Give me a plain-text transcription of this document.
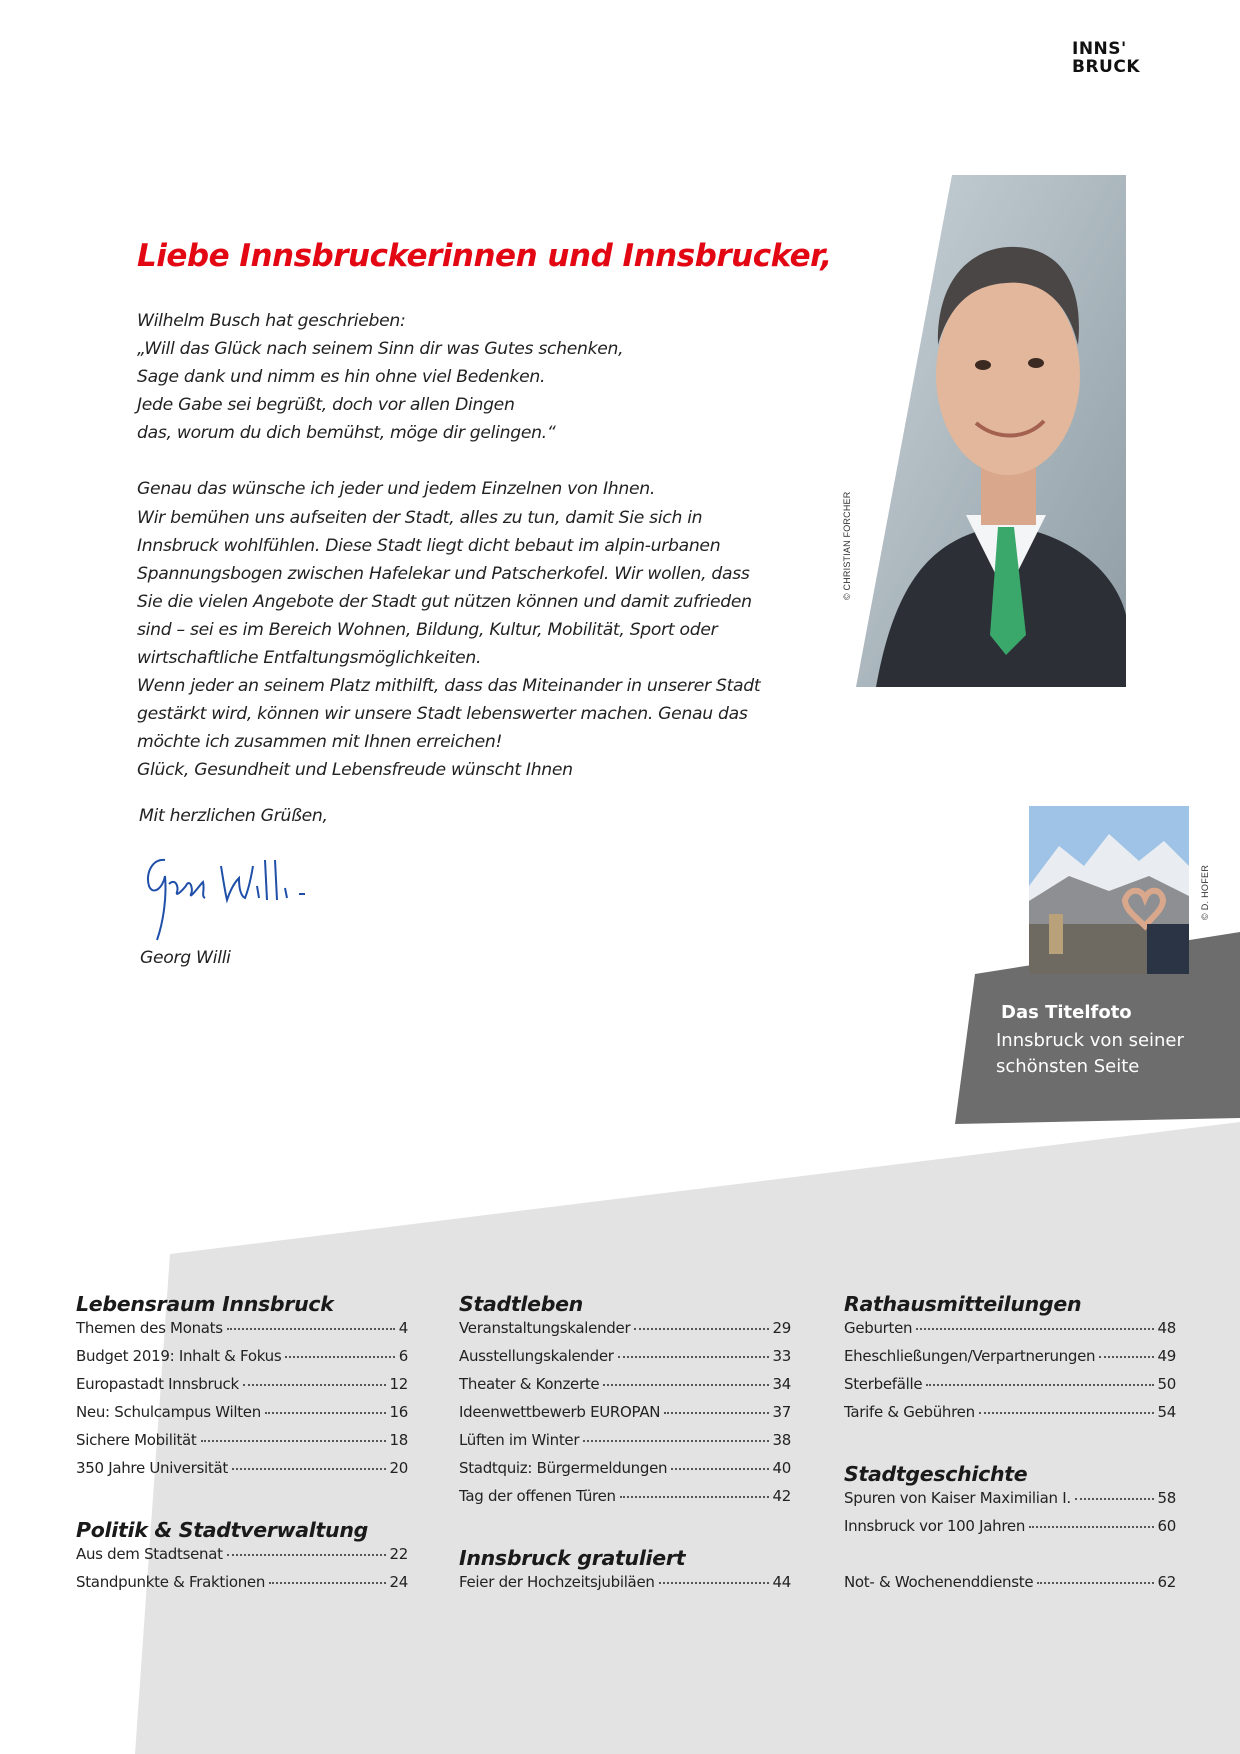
INNS'
BRUCK
Liebe Innsbruckerinnen und Innsbrucker,
Wilhelm Busch hat geschrieben:
„Will das Glück nach seinem Sinn dir was Gutes schenken,
Sage dank und nimm es hin ohne viel Bedenken.
Jede Gabe sei begrüßt, doch vor allen Dingen
das, worum du dich bemühst, möge dir gelingen.“
Genau das wünsche ich jeder und jedem Einzelnen von Ihnen.
Wir bemühen uns aufseiten der Stadt, alles zu tun, damit Sie sich in
Innsbruck wohlfühlen. Diese Stadt liegt dicht bebaut im alpin-urbanen
Spannungsbogen zwischen Hafelekar und Patscherkofel. Wir wollen, dass
Sie die vielen Angebote der Stadt gut nützen können und damit zufrieden
sind – sei es im Bereich Wohnen, Bildung, Kultur, Mobilität, Sport oder
wirtschaftliche Entfaltungsmöglichkeiten.
Wenn jeder an seinem Platz mithilft, dass das Miteinander in unserer Stadt
gestärkt wird, können wir unsere Stadt lebenswerter machen. Genau das
möchte ich zusammen mit Ihnen erreichen!
Glück, Gesundheit und Lebensfreude wünscht Ihnen
Mit herzlichen Grüßen,
Georg Willi
© CHRISTIAN FORCHER
© D. HOFER
Das Titelfoto
Innsbruck von seiner
schönsten Seite
Lebensraum Innsbruck
Themen des Monats	4
Budget 2019: Inhalt & Fokus	6
Europastadt Innsbruck	12
Neu: Schulcampus Wilten	16
Sichere Mobilität	18
350 Jahre Universität	20
Politik & Stadtverwaltung
Aus dem Stadtsenat	22
Standpunkte & Fraktionen	24
Stadtleben
Veranstaltungskalender	29
Ausstellungskalender	33
Theater & Konzerte	34
Ideenwettbewerb EUROPAN	37
Lüften im Winter	38
Stadtquiz: Bürgermeldungen	40
Tag der offenen Türen	42
Innsbruck gratuliert
Feier der Hochzeitsjubiläen	44
Rathausmitteilungen
Geburten	48
Eheschließungen/Verpartnerungen	49
Sterbefälle	50
Tarife & Gebühren	54
Stadtgeschichte
Spuren von Kaiser Maximilian I.	58
Innsbruck vor 100 Jahren	60
Not- & Wochenenddienste	62
